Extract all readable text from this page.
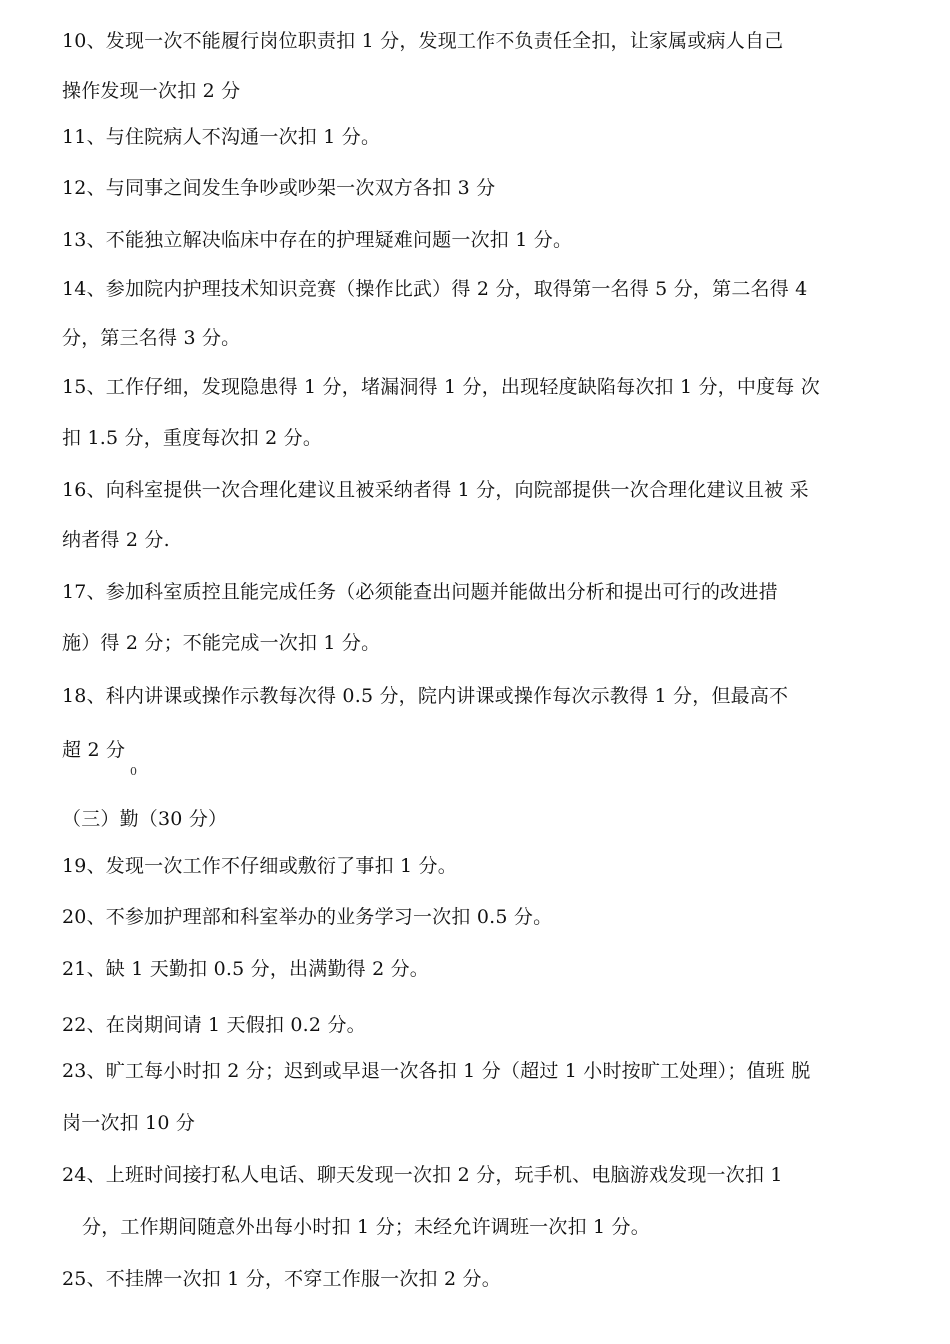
10、发现一次不能履行岗位职责扣 1 分，发现工作不负责任全扣，让家属或病人自己
操作发现一次扣 2 分
11、与住院病人不沟通一次扣 1 分。
12、与同事之间发生争吵或吵架一次双方各扣 3 分
13、不能独立解决临床中存在的护理疑难问题一次扣 1 分。
14、参加院内护理技术知识竞赛（操作比武）得 2 分，取得第一名得 5 分，第二名得 4
分，第三名得 3 分。
15、工作仔细，发现隐患得 1 分，堵漏洞得 1 分，出现轻度缺陷每次扣 1 分，中度每 次
扣 1.5 分，重度每次扣 2 分。
16、向科室提供一次合理化建议且被采纳者得 1 分，向院部提供一次合理化建议且被 采
纳者得 2 分.
17、参加科室质控且能完成任务（必须能查出问题并能做出分析和提出可行的改进措
施）得 2 分；不能完成一次扣 1 分。
18、科内讲课或操作示教每次得 0.5 分，院内讲课或操作每次示教得 1 分，但最高不
超 2 分
0
（三）勤（30 分）
19、发现一次工作不仔细或敷衍了事扣 1 分。
20、不参加护理部和科室举办的业务学习一次扣 0.5 分。
21、缺 1 天勤扣 0.5 分，出满勤得 2 分。
22、在岗期间请 1 天假扣 0.2 分。
23、旷工每小时扣 2 分；迟到或早退一次各扣 1 分（超过 1 小时按旷工处理）；值班 脱
岗一次扣 10 分
24、上班时间接打私人电话、聊天发现一次扣 2 分，玩手机、电脑游戏发现一次扣 1
分，工作期间随意外出每小时扣 1 分；未经允许调班一次扣 1 分。
25、不挂牌一次扣 1 分，不穿工作服一次扣 2 分。
